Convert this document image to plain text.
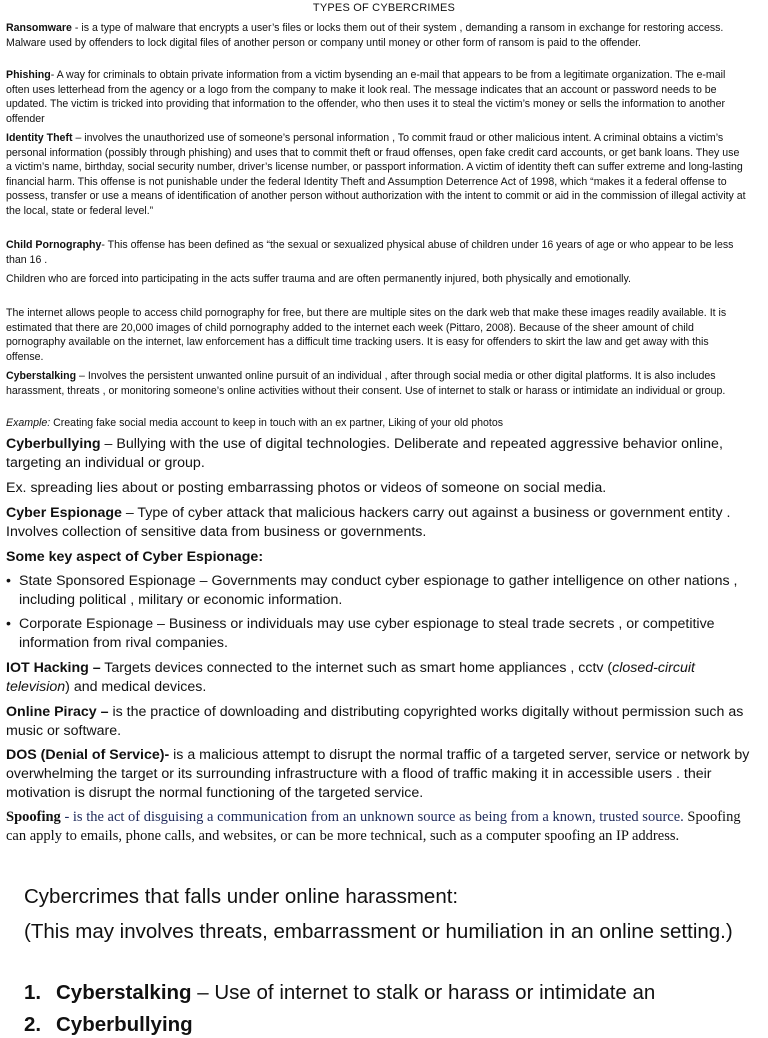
TYPES OF CYBERCRIMES
Ransomware - is a type of malware that encrypts a user’s files or locks them out of their system , demanding a ransom in exchange for restoring access. Malware used by offenders to lock digital files of another person or company until money or other form of ransom is paid to the offender.
Phishing- A way for criminals to obtain private information from a victim bysending an e-mail that appears to be from a legitimate organization. The e-mail often uses letterhead from the agency or a logo from the company to make it look real. The message indicates that an account or password needs to be updated. The victim is tricked into providing that information to the offender, who then uses it to steal the victim’s money or sells the information to another offender
Identity Theft – involves the unauthorized use of someone’s personal information , To commit fraud or other malicious intent. A criminal obtains a victim’s personal information (possibly through phishing) and uses that to commit theft or fraud offenses, open fake credit card accounts, or get bank loans. They use a victim’s name, birthday, social security number, driver’s license number, or passport information. A victim of identity theft can suffer extreme and long-lasting financial harm. This offense is not punishable under the federal Identity Theft and Assumption Deterrence Act of 1998, which “makes it a federal offense to possess, transfer or use a means of identification of another person without authorization with the intent to commit or aid in the commission of illegal activity at the local, state or federal level.”
Child Pornography- This offense has been defined as “the sexual or sexualized physical abuse of children under 16 years of age or who appear to be less than 16 .
Children who are forced into participating in the acts suffer trauma and are often permanently injured, both physically and emotionally.
The internet allows people to access child pornography for free, but there are multiple sites on the dark web that make these images readily available. It is estimated that there are 20,000 images of child pornography added to the internet each week (Pittaro, 2008). Because of the sheer amount of child pornography available on the internet, law enforcement has a difficult time tracking users. It is easy for offenders to skirt the law and get away with this offense.
Cyberstalking – Involves the persistent unwanted online pursuit of an individual , after through social media or other digital platforms. It is also includes harassment, threats , or monitoring someone’s online activities without their consent. Use of internet to stalk or harass or intimidate an individual or group.
Example: Creating fake social media account to keep in touch with an ex partner, Liking of your old photos
Cyberbullying – Bullying with the use of digital technologies. Deliberate and repeated aggressive behavior online, targeting an individual or group.
Ex. spreading lies about or posting embarrassing photos or videos of someone on social media.
Cyber Espionage – Type of cyber attack that malicious hackers carry out against a business or government entity . Involves collection of sensitive data from business or governments.
Some key aspect of Cyber Espionage:
• State Sponsored Espionage – Governments may conduct cyber espionage to gather intelligence on other nations , including political , military or economic information.
• Corporate Espionage – Business or individuals may use cyber espionage to steal trade secrets , or competitive information from rival companies.
IOT Hacking – Targets devices connected to the internet such as smart home appliances , cctv (closed-circuit television) and medical devices.
Online Piracy – is the practice of downloading and distributing copyrighted works digitally without permission such as music or software.
DOS (Denial of Service)- is a malicious attempt to disrupt the normal traffic of a targeted server, service or network by overwhelming the target or its surrounding infrastructure with a flood of traffic making it in accessible users . their motivation is disrupt the normal functioning of the targeted service.
Spoofing - is the act of disguising a communication from an unknown source as being from a known, trusted source. Spoofing can apply to emails, phone calls, and websites, or can be more technical, such as a computer spoofing an IP address.
Cybercrimes that falls under online harassment:
(This may involves threats, embarrassment or humiliation in an online setting.)
1. Cyberstalking – Use of internet to stalk or harass or intimidate an
2. Cyberbullying
